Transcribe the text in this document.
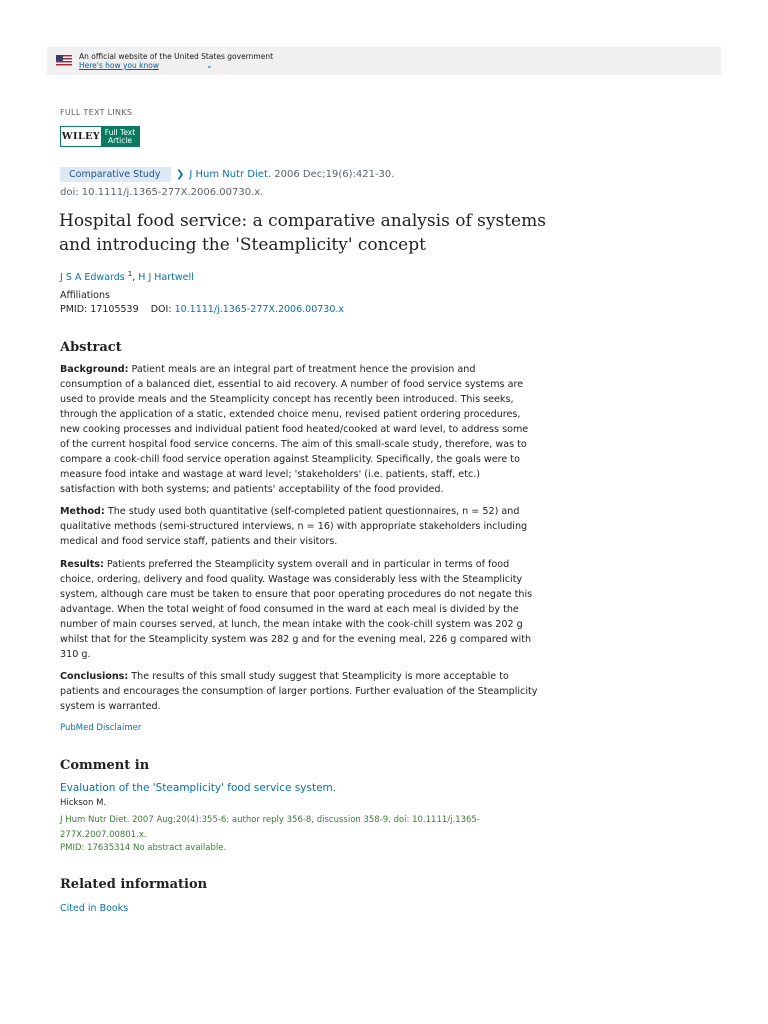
An official website of the United States government
Here's how you know	⌄
FULL TEXT LINKS
WILEY Full Text
Article
Comparative Study	❯ J Hum Nutr Diet. 2006 Dec;19(6):421-30.
doi: 10.1111/j.1365-277X.2006.00730.x.
Hospital food service: a comparative analysis of systems and introducing the 'Steamplicity' concept
J S A Edwards $^1$, H J Hartwell
Affiliations
PMID: 17105539 DOI: 10.1111/j.1365-277X.2006.00730.x
Abstract

Background: Patient meals are an integral part of treatment hence the provision and consumption of a balanced diet, essential to aid recovery. A number of food service systems are used to provide meals and the Steamplicity concept has recently been introduced. This seeks, through the application of a static, extended choice menu, revised patient ordering procedures, new cooking processes and individual patient food heated/cooked at ward level, to address some of the current hospital food service concerns. The aim of this small-scale study, therefore, was to compare a cook-chill food service operation against Steamplicity. Specifically, the goals were to measure food intake and wastage at ward level; 'stakeholders' (i.e. patients, staff, etc.) satisfaction with both systems; and patients' acceptability of the food provided.

Method: The study used both quantitative (self-completed patient questionnaires, n = 52) and qualitative methods (semi-structured interviews, n = 16) with appropriate stakeholders including medical and food service staff, patients and their visitors.

Results: Patients preferred the Steamplicity system overall and in particular in terms of food choice, ordering, delivery and food quality. Wastage was considerably less with the Steamplicity system, although care must be taken to ensure that poor operating procedures do not negate this advantage. When the total weight of food consumed in the ward at each meal is divided by the number of main courses served, at lunch, the mean intake with the cook-chill system was 202 g whilst that for the Steamplicity system was 282 g and for the evening meal, 226 g compared with 310 g.

Conclusions: The results of this small study suggest that Steamplicity is more acceptable to patients and encourages the consumption of larger portions. Further evaluation of the Steamplicity system is warranted.

PubMed Disclaimer
Comment in
Evaluation of the 'Steamplicity' food service system.
Hickson M.
J Hum Nutr Diet. 2007 Aug;20(4):355-6; author reply 356-8, discussion 358-9. doi: 10.1111/j.1365-277X.2007.00801.x.
PMID: 17635314 No abstract available.
Related information
Cited in Books
